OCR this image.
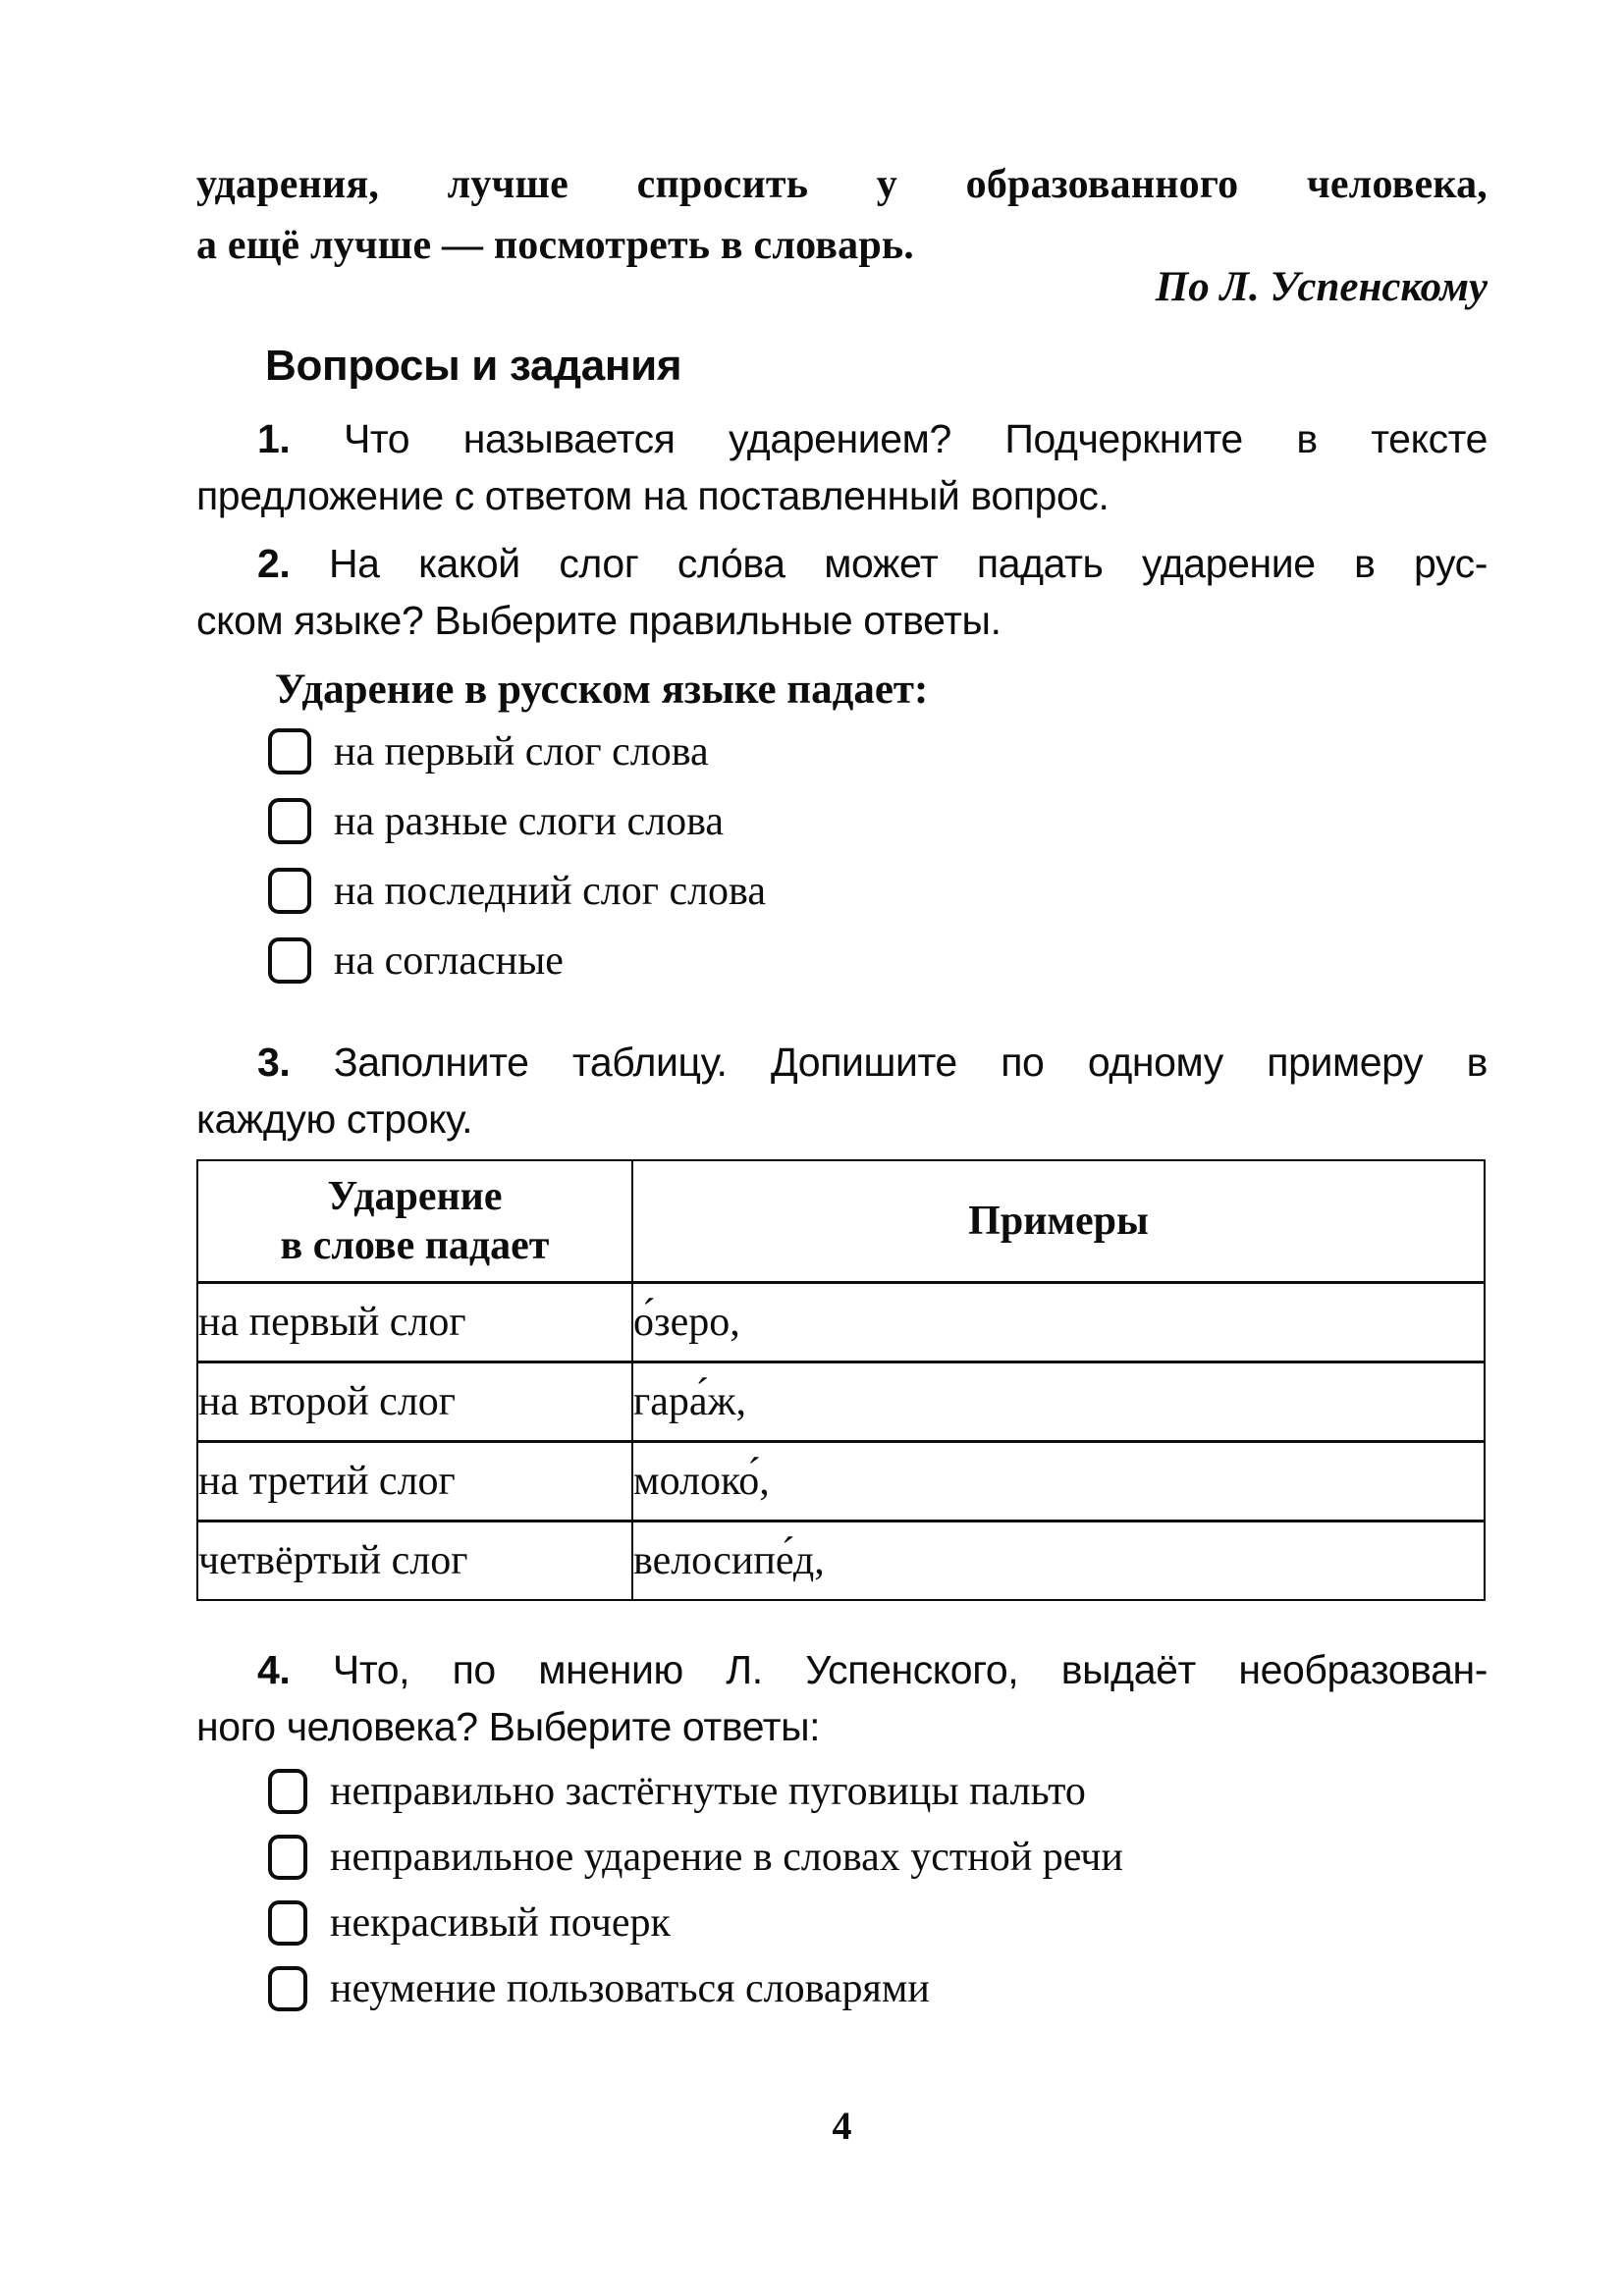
ударения, лучше спросить у образованного человека,
а ещё лучше — посмотреть в словарь.
По Л. Успенскому
Вопросы и задания
1. Что называется ударением? Подчеркните в тексте
предложение с ответом на поставленный вопрос.
2. На какой слог сло́ва может падать ударение в рус-
ском языке? Выберите правильные ответы.
Ударение в русском языке падает:
на первый слог слова
на разные слоги слова
на последний слог слова
на согласные
3. Заполните таблицу. Допишите по одному примеру в
каждую строку.
Ударение
в слове падает	Примеры
на первый слог	о́зеро,
на второй слог	гара́ж,
на третий слог	молоко́,
четвёртый слог	велосипе́д,
4. Что, по мнению Л. Успенского, выдаёт необразован-
ного человека? Выберите ответы:
неправильно застёгнутые пуговицы пальто
неправильное ударение в словах устной речи
некрасивый почерк
неумение пользоваться словарями
4
